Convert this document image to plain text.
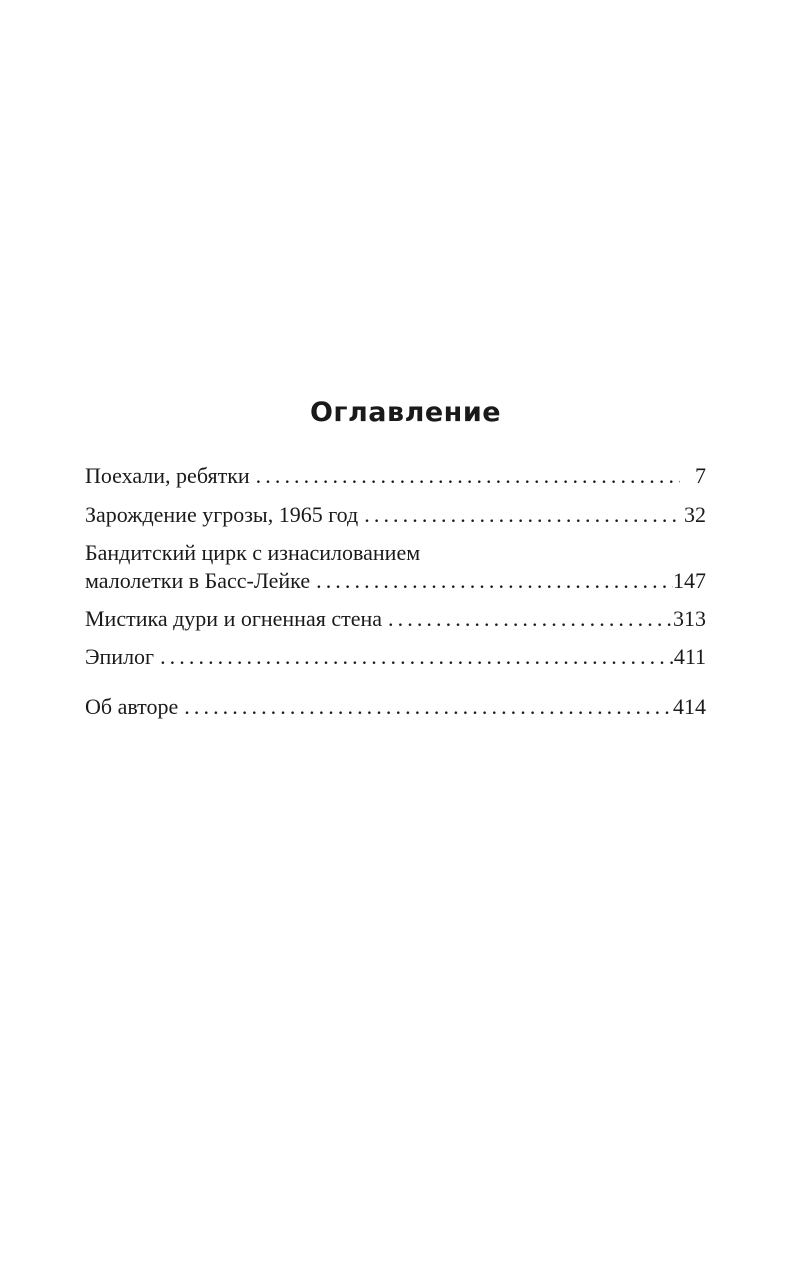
Оглавление
Поехали, ребятки .....	7
Зарождение угрозы, 1965 год .....	32
Бандитский цирк с изнасилованием
малолетки в Басс-Лейке .....	147
Мистика дури и огненная стена .....	313
Эпилог .....	411
Об авторе .....	414
